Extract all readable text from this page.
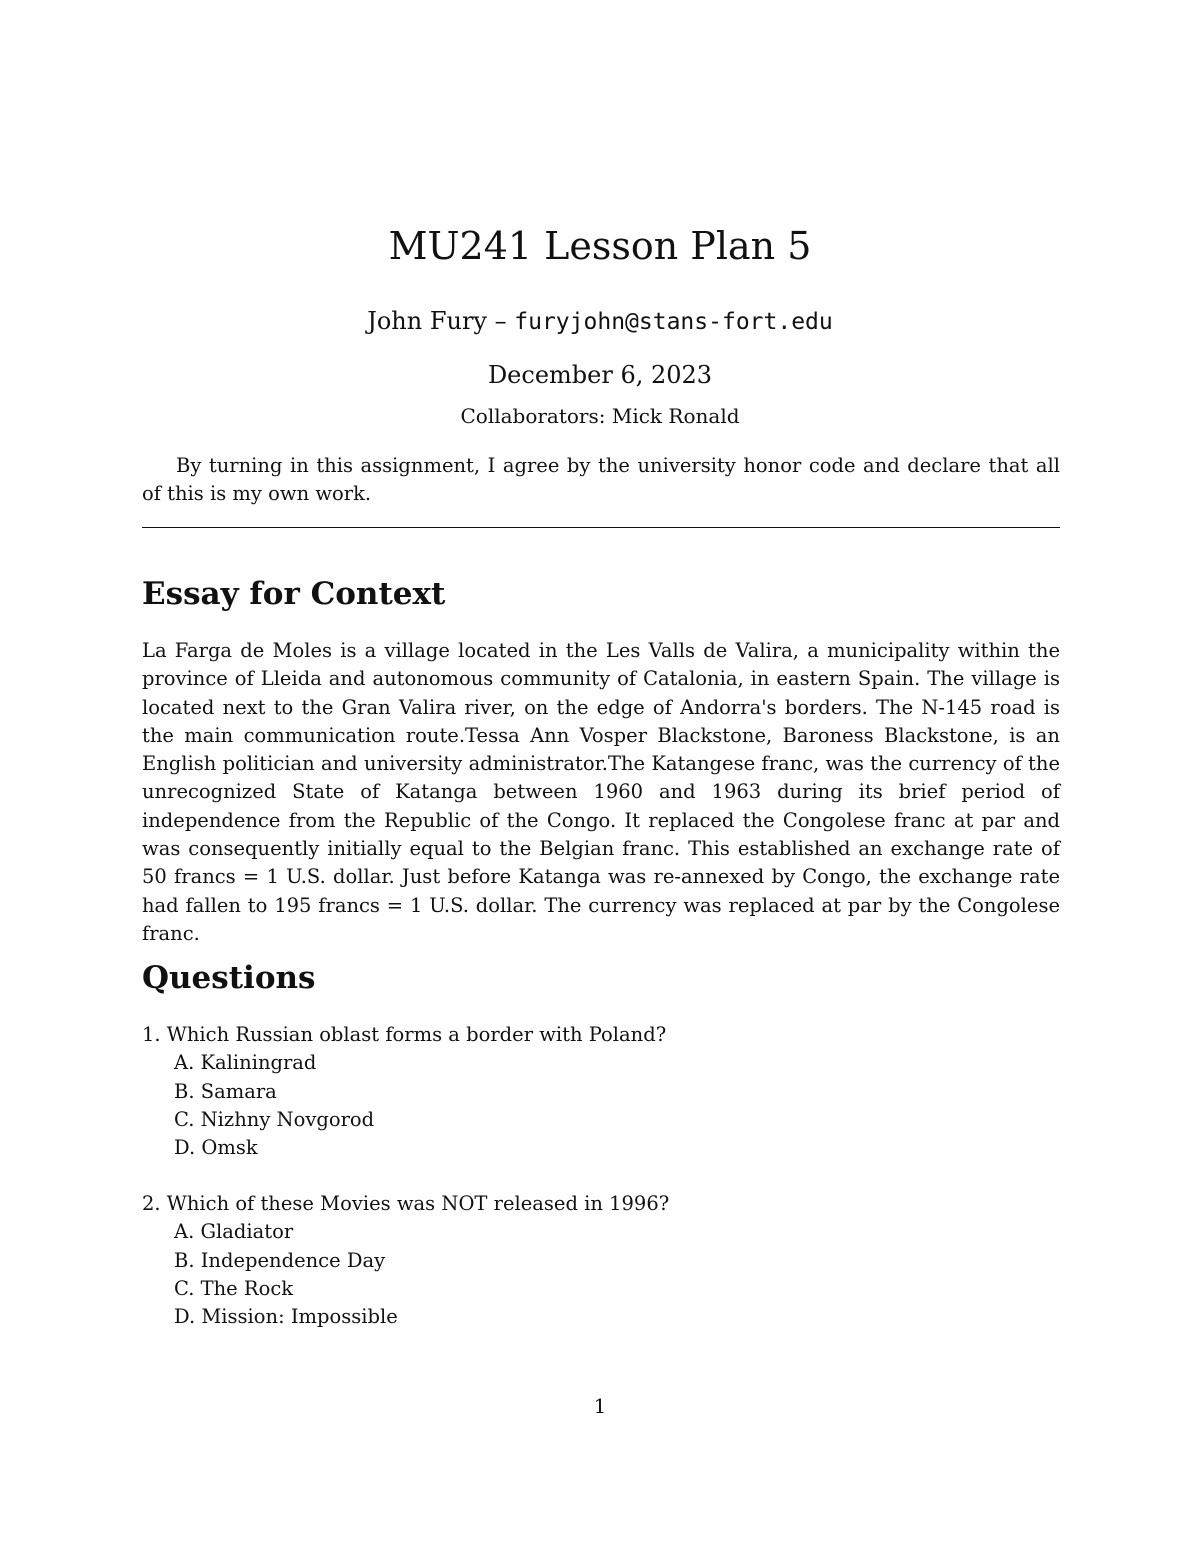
MU241 Lesson Plan 5
John Fury – furyjohn@stans-fort.edu
December 6, 2023
Collaborators: Mick Ronald

By turning in this assignment, I agree by the university honor code and declare that all of this is my own work.

Essay for Context

La Farga de Moles is a village located in the Les Valls de Valira, a municipality within the province of Lleida and autonomous community of Catalonia, in eastern Spain. The village is located next to the Gran Valira river, on the edge of Andorra's borders. The N-145 road is the main communication route.Tessa Ann Vosper Blackstone, Baroness Blackstone, is an English politician and university administrator.The Katangese franc, was the currency of the unrecognized State of Katanga between 1960 and 1963 during its brief period of independence from the Republic of the Congo. It replaced the Congolese franc at par and was consequently initially equal to the Belgian franc. This established an exchange rate of 50 francs = 1 U.S. dollar. Just before Katanga was re-annexed by Congo, the exchange rate had fallen to 195 francs = 1 U.S. dollar. The currency was replaced at par by the Congolese franc.

Questions

1. Which Russian oblast forms a border with Poland?

A. Kaliningrad

B. Samara

C. Nizhny Novgorod

D. Omsk

2. Which of these Movies was NOT released in 1996?

A. Gladiator

B. Independence Day

C. The Rock

D. Mission: Impossible

1
